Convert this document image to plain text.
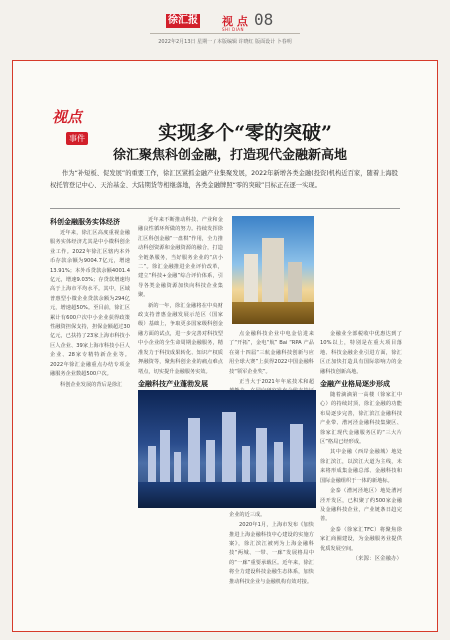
徐汇报 视 点
SHI DIAN
08
2022年2月13日 星期一 / 本版编辑 许晓红 版面设计 卜春明
视点
事件	实现多个“零的突破”
徐汇聚焦科创金融，打造现代金融新高地
作为“补短板、促发展”的重要工作，徐汇区紧抓金融产业集聚发展，2022年新增各类金融(投资)机构近百家，随着上海股权托管登记中心、天治基金、大陆期货等相继落地，各类金融牌照“零的突破”目标正在逐一实现。

科创金融服务实体经济

近年来，徐汇区高度重视金融服务实体经济尤其是中小微科创企业工作。2022年徐汇区辖内本外币存款余额为9004.7亿元，增速13.91%；本外币贷款余额4001.4亿元，增速9.03%；存贷款增速均高于上海市平均水平。其中，区域普惠型小微企业贷款余额为294亿元，增速超50%。至目前，徐汇区累计有600户次中小企业获得政策性融资担保支持，担保金额超过30亿元，已扶持了23家上海市科技小巨人企业、39家上海市科技小巨人企业、28家专精特新企业等。2022年徐汇金融重点办结专项金融服务企业数超500户次。

科创企业发展的背后是徐汇

近年来不断推动科技、产业和金融良性循环所做的努力。持续发挥徐汇区科创金融“一盘棋”作用，全力推动科创资源和金融资源的融合，打造全链条服务，当好服务企业的“店小二”。徐汇金融推进企业评价改革，建立“科技+金融”综合评价体系，引导各类金融资源加快向科技企业集聚。

新的一年，徐汇金融将在中央财政支持普惠金融发展示范区（国家级）基础上，争取更多国家级科创金融方面的试点，进一步完善对科技型中小企业的全生命周期金融服务，精准发力于科技成果转化、知识产权质押融资等，聚焦科创企业的痛点难点堵点，切实提升金融服务实效。

金融科技产业蓬勃发展

点金融科技企业中电金信进来了“开拓”，金电“航” Bai “RPA 产品在第十四届“三航金融科技创新与应用全球大赛”上获得2022中国金融科技“领军企业奖”。

正当大于2021年年底技术和超

企业的近三成。

2020年1月，上海市发布《加快推进上海金融科技中心建设的实施方案》，徐汇滨江被列为上海金融科技“两城、一带、一廊”发展格局中的“一廊”重要承载区。近年来，徐汇将全力建设科技金融生态体系，加快推动科技企业与金融机构有效对接。

金融业全部税收中优惠达到了10%以上，特别是在重大项目落地、科技金融企业引进方面，徐汇区正加快打造具有国际影响力的金融科技创新高地。

金融产业格局逐步形成

随着滴滴第一高楼（徐家汇中心）的持续封顶，徐汇金融的功能布局逐步完善，徐汇滨江金融科技产业带、漕河泾金融科技集聚区、徐家汇现代金融服务区的“三大片区”格局已经形成。

其中金融（西岸金融城）地处徐汇滨江，以滨江大道为主线，未来将形成集金融总部、金融科技和国际金融组织于一体的新地标。

金泰（漕河泾地区）地处漕河泾开发区，已积聚了约500家金融及金融科技企业，产业链条日趋完善。

金泰（徐家汇TFC）将聚焦徐家汇商圈建设，为金融服务业提供优质发展空间。

（来源：区金融办）
